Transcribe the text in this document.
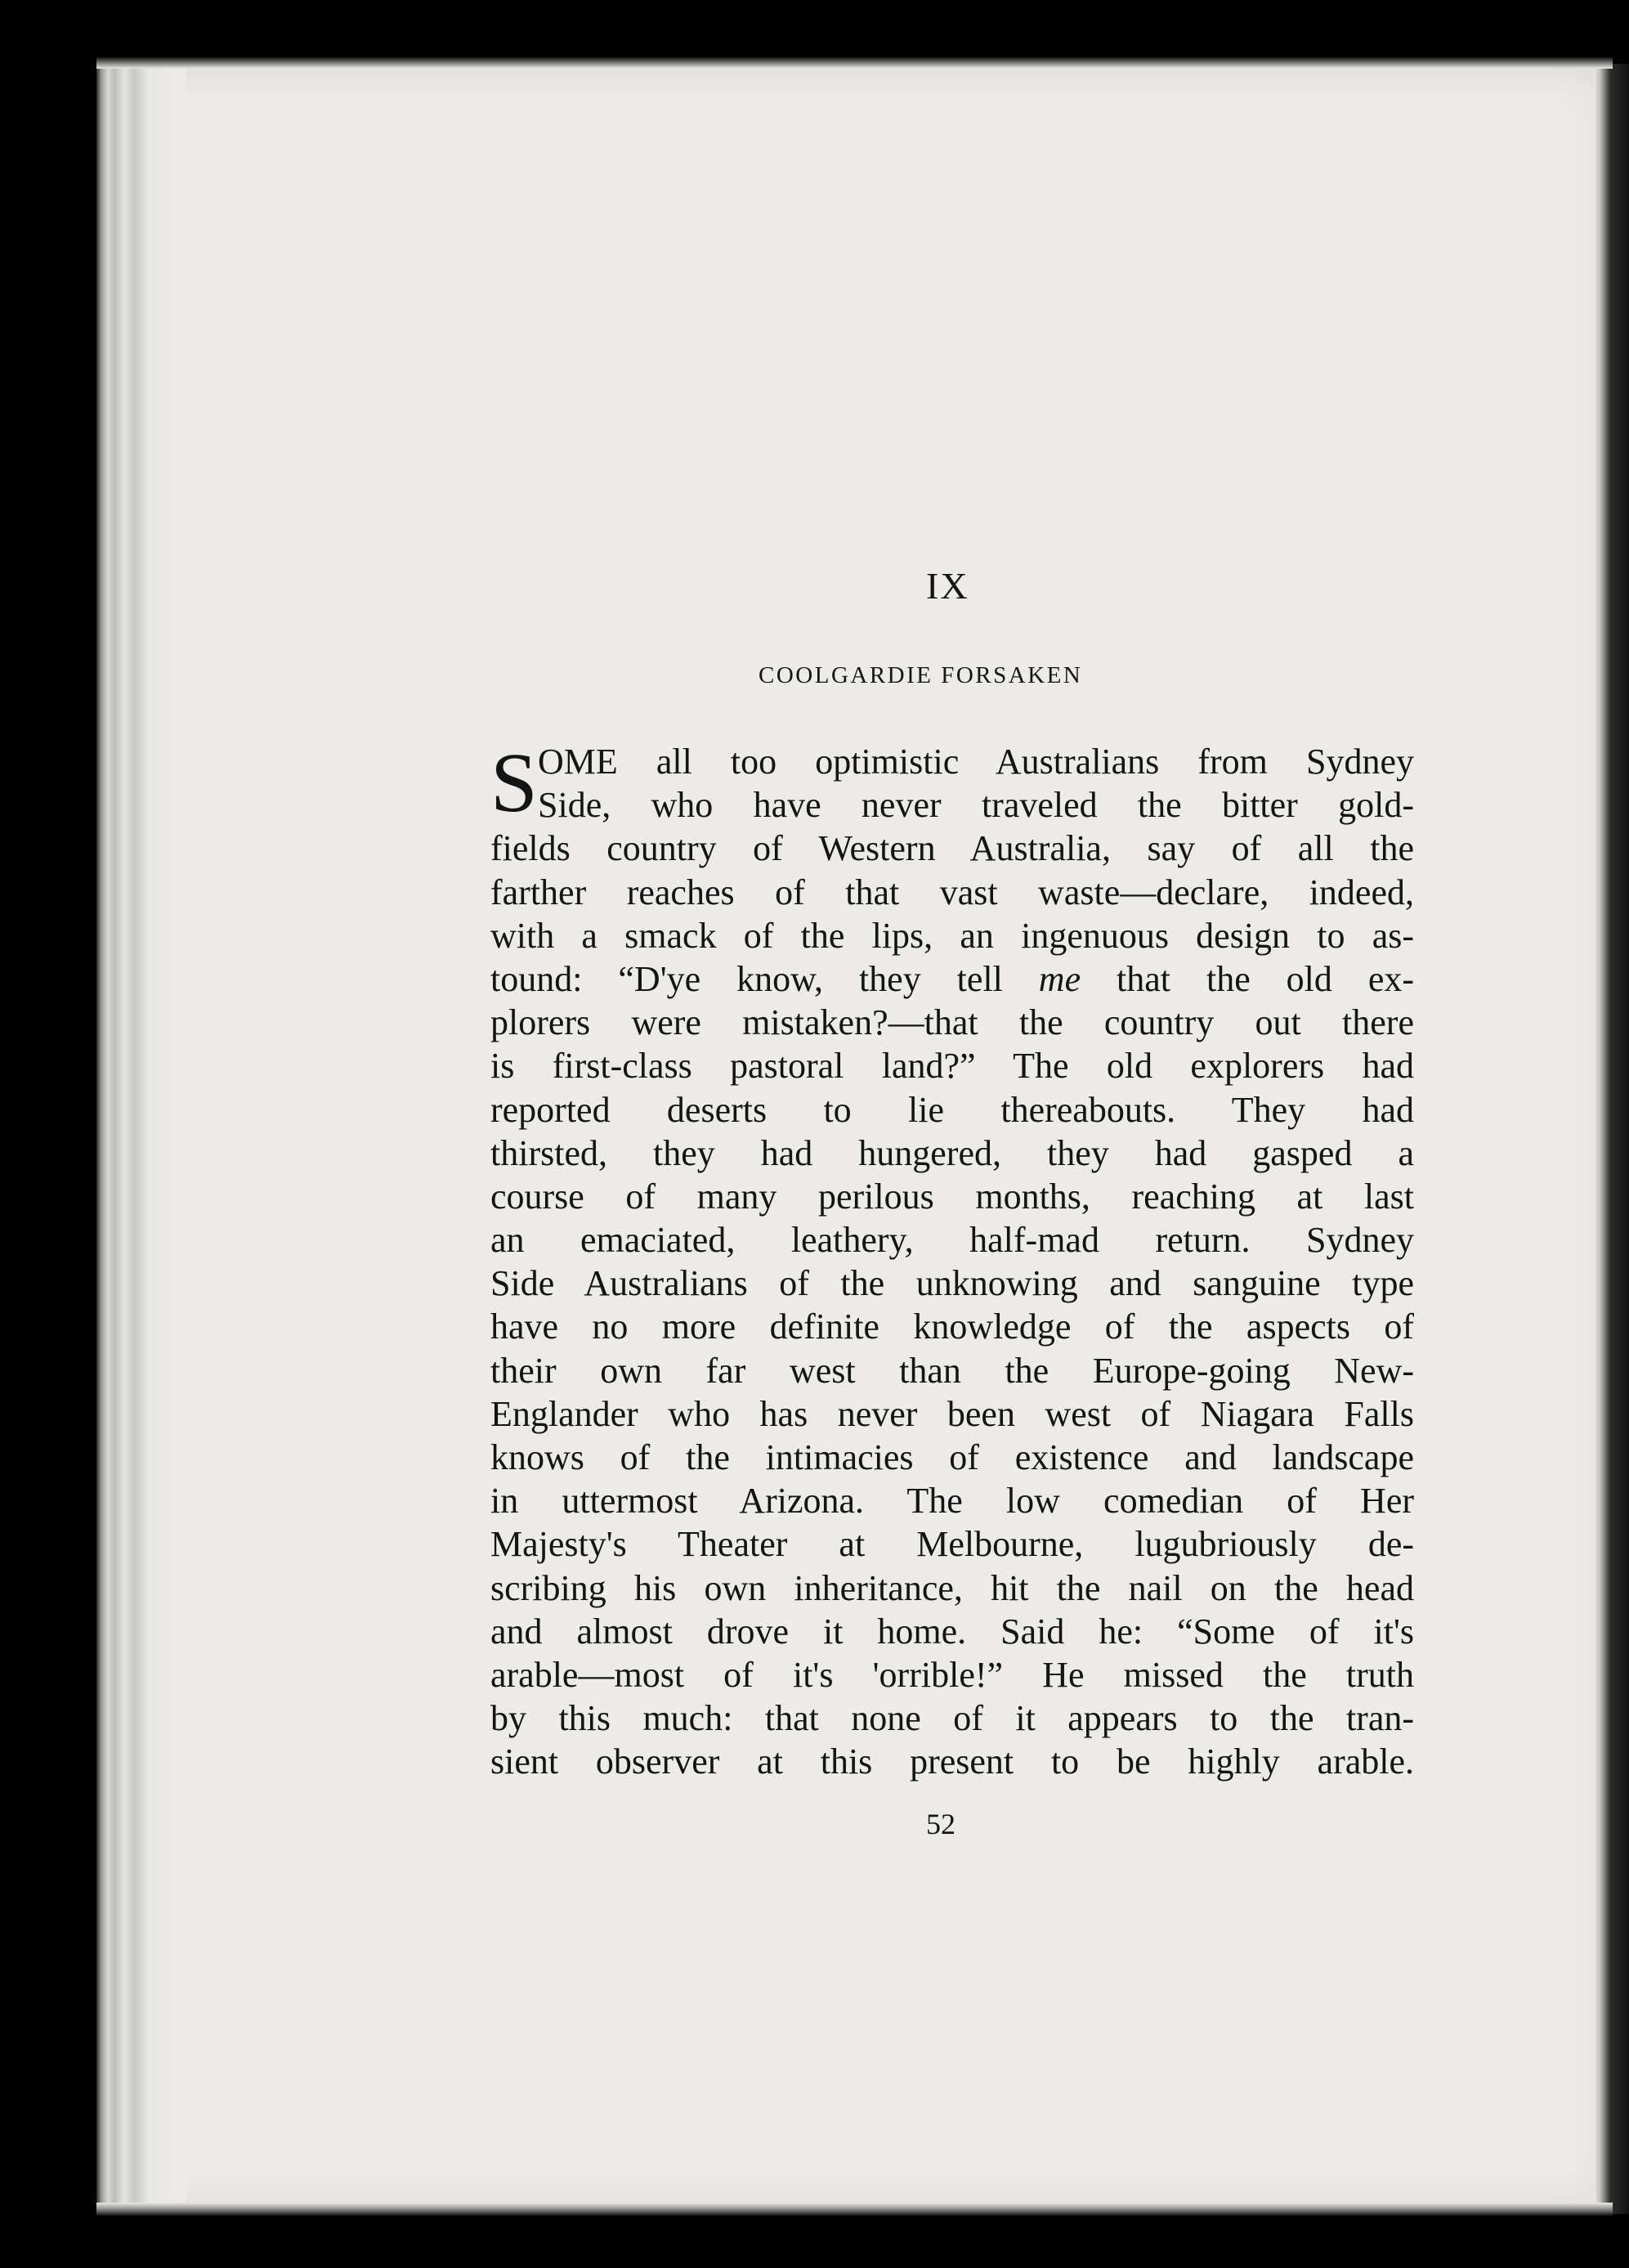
IX
COOLGARDIE FORSAKEN
S OME all too optimistic Australians from Sydney
Side, who have never traveled the bitter gold-
fields country of Western Australia, say of all the
farther reaches of that vast waste—declare, indeed,
with a smack of the lips, an ingenuous design to as-
tound: “D'ye know, they tell me that the old ex-
plorers were mistaken?—that the country out there
is first-class pastoral land?” The old explorers had
reported deserts to lie thereabouts. They had
thirsted, they had hungered, they had gasped a
course of many perilous months, reaching at last
an emaciated, leathery, half-mad return. Sydney
Side Australians of the unknowing and sanguine type
have no more definite knowledge of the aspects of
their own far west than the Europe-going New-
Englander who has never been west of Niagara Falls
knows of the intimacies of existence and landscape
in uttermost Arizona. The low comedian of Her
Majesty's Theater at Melbourne, lugubriously de-
scribing his own inheritance, hit the nail on the head
and almost drove it home. Said he: “Some of it's
arable—most of it's 'orrible!” He missed the truth
by this much: that none of it appears to the tran-
sient observer at this present to be highly arable.
52
